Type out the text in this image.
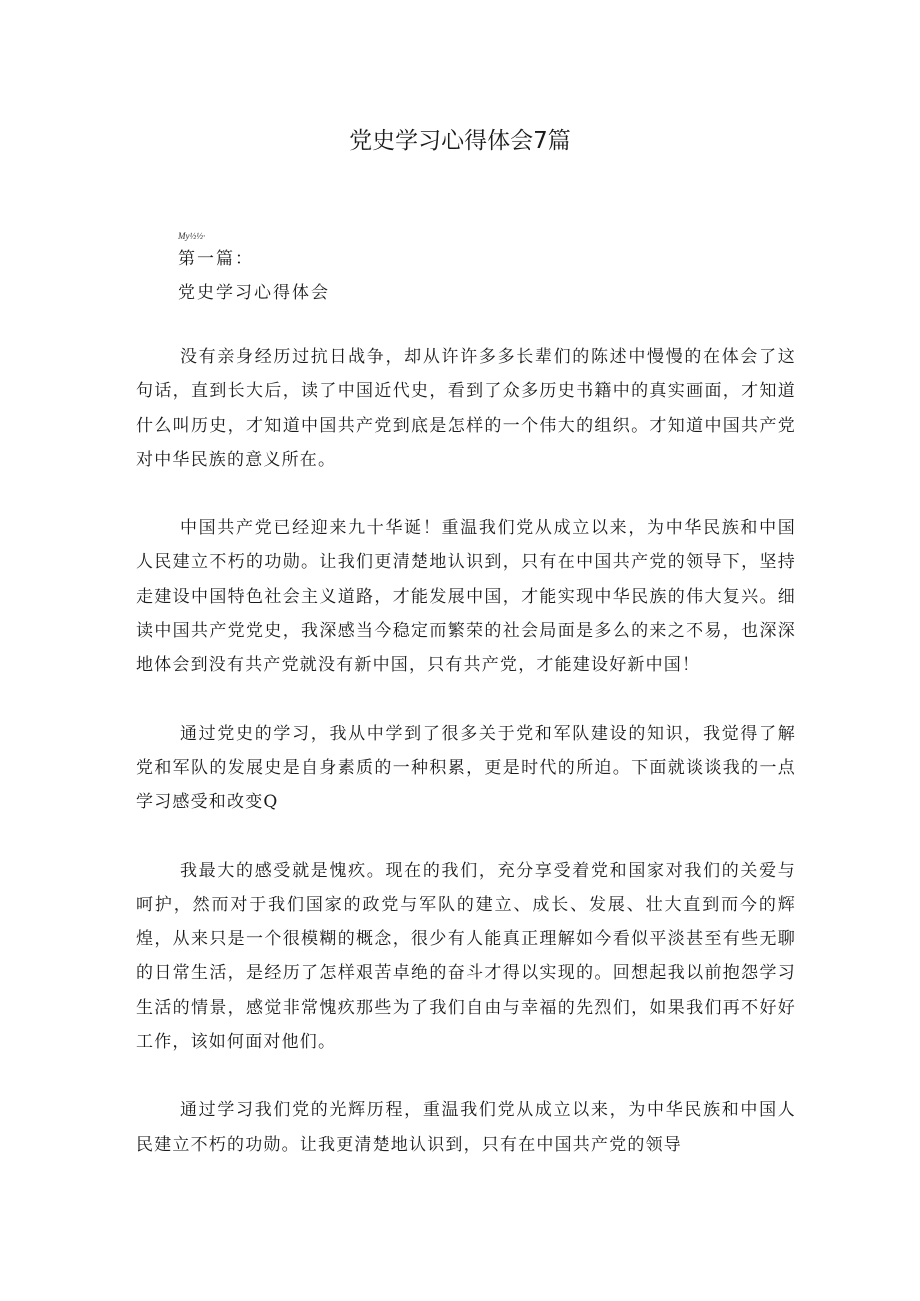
党史学习心得体会7篇
My½½·

第一篇：

党史学习心得体会

没有亲身经历过抗日战争，却从许许多多长辈们的陈述中慢慢的在体会了这句话，直到长大后，读了中国近代史，看到了众多历史书籍中的真实画面，才知道什么叫历史，才知道中国共产党到底是怎样的一个伟大的组织。才知道中国共产党对中华民族的意义所在。

中国共产党已经迎来九十华诞！重温我们党从成立以来，为中华民族和中国人民建立不朽的功勋。让我们更清楚地认识到，只有在中国共产党的领导下，坚持走建设中国特色社会主义道路，才能发展中国，才能实现中华民族的伟大复兴。细读中国共产党党史，我深感当今稳定而繁荣的社会局面是多么的来之不易，也深深地体会到没有共产党就没有新中国，只有共产党，才能建设好新中国！

通过党史的学习，我从中学到了很多关于党和军队建设的知识，我觉得了解党和军队的发展史是自身素质的一种积累，更是时代的所迫。下面就谈谈我的一点学习感受和改变Q

我最大的感受就是愧疚。现在的我们，充分享受着党和国家对我们的关爱与呵护，然而对于我们国家的政党与军队的建立、成长、发展、壮大直到而今的辉煌，从来只是一个很模糊的概念，很少有人能真正理解如今看似平淡甚至有些无聊的日常生活，是经历了怎样艰苦卓绝的奋斗才得以实现的。回想起我以前抱怨学习生活的情景，感觉非常愧疚那些为了我们自由与幸福的先烈们，如果我们再不好好工作，该如何面对他们。

通过学习我们党的光辉历程，重温我们党从成立以来，为中华民族和中国人民建立不朽的功勋。让我更清楚地认识到，只有在中国共产党的领导
